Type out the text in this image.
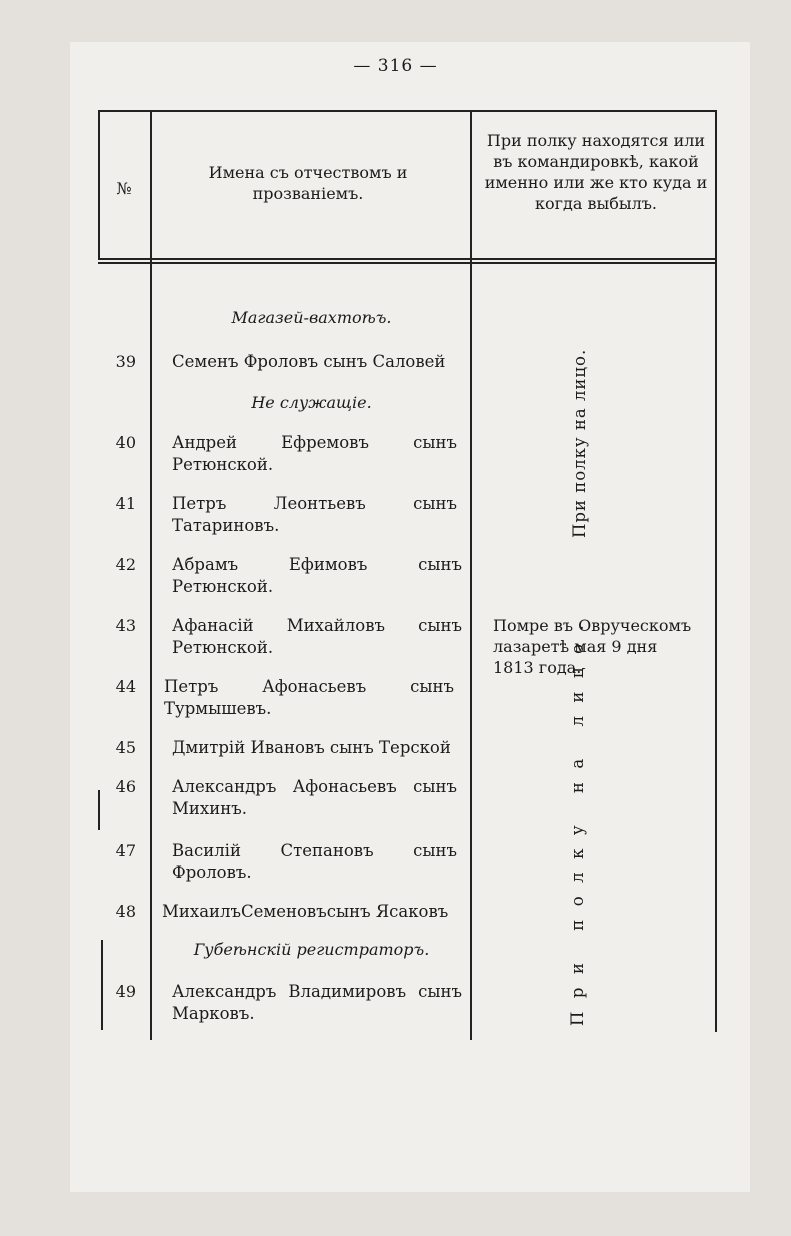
— 316 —
№
Имена съ отчествомъ и прозванiемъ.
При полку находятся или въ командировкѣ, какой именно или же кто куда и когда выбылъ.
Магазей-вахтоѣъ.
Не служащiе.
Губеѣнскiй регистраторъ.
39 Семенъ Фроловъ сынъ Саловей
40 Андрей Ефремовъ сынъ Ретюнской.
41 Петръ Леонтьевъ сынъ Татариновъ.
42 Абрамъ Ефимовъ сынъ Ретюнской.
43 Афанасiй Михайловъ сынъ Ретюнской.
44 Петръ Афонасьевъ сынъ Турмышевъ.
45 Дмитрiй Ивановъ сынъ Терской
46 Александръ Афонасьевъ сынъ Михинъ.
47 Василiй Степановъ сынъ Фроловъ.
48 МихаилъСеменовъсынъ Ясаковъ
49 Александръ Владимировъ сынъ Марковъ.
При полку на лицо.
Помре въ Овруческомъ лазаретѣ мая 9 дня 1813 года.
При полку на лицо.
